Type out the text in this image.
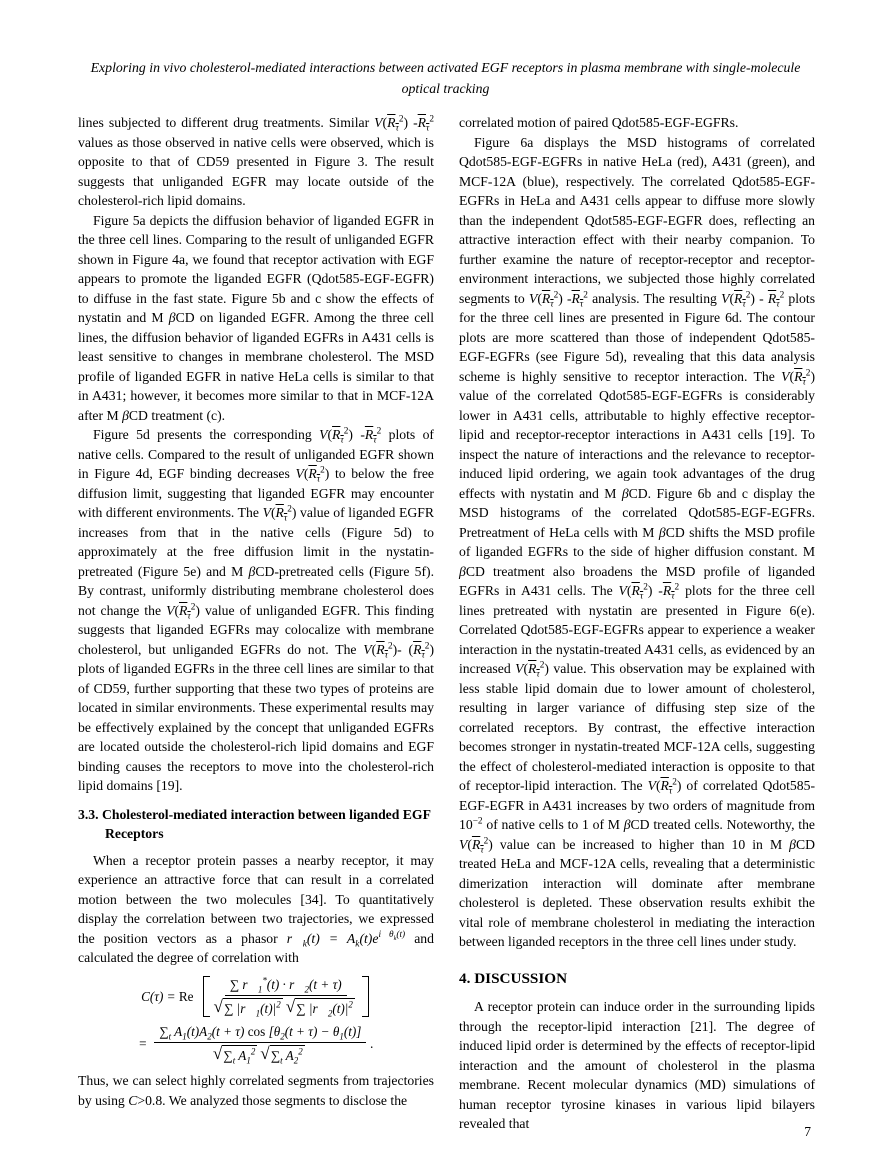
Exploring in vivo cholesterol-mediated interactions between activated EGF receptors in plasma membrane with single-molecule optical tracking

lines subjected to different drug treatments. Similar $V(R_\tau^2)$ $-R_\tau^2$ values as those observed in native cells were observed, which is opposite to that of CD59 presented in Figure 3. The result suggests that unliganded EGFR may locate outside of the cholesterol-rich lipid domains.

Figure 5a depicts the diffusion behavior of liganded EGFR in the three cell lines. Comparing to the result of unliganded EGFR shown in Figure 4a, we found that receptor activation with EGF appears to promote the liganded EGFR (Qdot585-EGF-EGFR) to diffuse in the fast state. Figure 5b and c show the effects of nystatin and M βCD on liganded EGFR. Among the three cell lines, the diffusion behavior of liganded EGFRs in A431 cells is least sensitive to changes in membrane cholesterol. The MSD profile of liganded EGFR in native HeLa cells is similar to that in A431; however, it becomes more similar to that in MCF-12A after M βCD treatment (c).

Figure 5d presents the corresponding $V(R_\tau^2)$ $-R_\tau^2$ plots of native cells. Compared to the result of unliganded EGFR shown in Figure 4d, EGF binding decreases $V(R_\tau^2)$ to below the free diffusion limit, suggesting that liganded EGFR may encounter with different environments. The $V(R_\tau^2)$ value of liganded EGFR increases from that in the native cells (Figure 5d) to approximately at the free diffusion limit in the nystatin-pretreated (Figure 5e) and M βCD-pretreated cells (Figure 5f). By contrast, uniformly distributing membrane cholesterol does not change the $V(R_\tau^2)$ value of unliganded EGFR. This finding suggests that liganded EGFRs may colocalize with membrane cholesterol, but unliganded EGFRs do not. The $V(R_\tau^2)-$ $(R_\tau^2)$ plots of liganded EGFRs in the three cell lines are similar to that of CD59, further supporting that these two types of proteins are located in similar environments. These experimental results may be effectively explained by the concept that unliganded EGFRs are located outside the cholesterol-rich lipid domains and EGF binding causes the receptors to move into the cholesterol-rich lipid domains [19].

3.3. Cholesterol-mediated interaction between liganded EGF Receptors

When a receptor protein passes a nearby receptor, it may experience an attractive force that can result in a correlated motion between the two molecules [34]. To quantitatively display the correlation between two trajectories, we expressed the position vectors as a phasor $r⃗_k(t) = A_k(t)e^{i \theta_k(t)}$ and calculated the degree of correlation with

C(τ) = Re $\frac{\sum r⃗_1^*(t) \cdot r⃗_2(t + \tau)}{√ \sum |r⃗_1(t)|^2 √ \sum |r⃗_2(t)|^2}$
= $\frac{\sum_t A_1(t)A_2(t + \tau) \cos [\theta_2(t + \tau) - \theta_1(t)]}{√ \sum_t A_1^2 √ \sum_t A_2^2}$ .

Thus, we can select highly correlated segments from trajectories by using C>0.8. We analyzed those segments to disclose the

correlated motion of paired Qdot585-EGF-EGFRs.

Figure 6a displays the MSD histograms of correlated Qdot585-EGF-EGFRs in native HeLa (red), A431 (green), and MCF-12A (blue), respectively. The correlated Qdot585-EGF-EGFRs in HeLa and A431 cells appear to diffuse more slowly than the independent Qdot585-EGF-EGFR does, reflecting an attractive interaction effect with their nearby companion. To further examine the nature of receptor-receptor and receptor-environment interactions, we subjected those highly correlated segments to $V(R_\tau^2)$ $-R_\tau^2$ analysis. The resulting $V(R_\tau^2) - R_\tau^2$ plots for the three cell lines are presented in Figure 6d. The contour plots are more scattered than those of independent Qdot585-EGF-EGFRs (see Figure 5d), revealing that this data analysis scheme is highly sensitive to receptor interaction. The $V(R_\tau^2)$ value of the correlated Qdot585-EGF-EGFRs is considerably lower in A431 cells, attributable to highly effective receptor-lipid and receptor-receptor interactions in A431 cells [19]. To inspect the nature of interactions and the relevance to receptor-induced lipid ordering, we again took advantages of the drug effects with nystatin and M βCD. Figure 6b and c display the MSD histograms of the correlated Qdot585-EGF-EGFRs. Pretreatment of HeLa cells with M βCD shifts the MSD profile of liganded EGFRs to the side of higher diffusion constant. M βCD treatment also broadens the MSD profile of liganded EGFRs in A431 cells. The $V(R_\tau^2)$ $-R_\tau^2$ plots for the three cell lines pretreated with nystatin are presented in Figure 6(e). Correlated Qdot585-EGF-EGFRs appear to experience a weaker interaction in the nystatin-treated A431 cells, as evidenced by an increased $V(R_\tau^2)$ value. This observation may be explained with less stable lipid domain due to lower amount of cholesterol, resulting in larger variance of diffusing step size of the correlated receptors. By contrast, the effective interaction becomes stronger in nystatin-treated MCF-12A cells, suggesting the effect of cholesterol-mediated interaction is opposite to that of receptor-lipid interaction. The $V(R_\tau^2)$ of correlated Qdot585-EGF-EGFR in A431 increases by two orders of magnitude from $10^{-2}$ of native cells to 1 of M βCD treated cells. Noteworthy, the $V(R_\tau^2)$ value can be increased to higher than 10 in M βCD treated HeLa and MCF-12A cells, revealing that a deterministic dimerization interaction will dominate after membrane cholesterol is depleted. These observation results exhibit the vital role of membrane cholesterol in mediating the interaction between liganded receptors in the three cell lines under study.

4. DISCUSSION

A receptor protein can induce order in the surrounding lipids through the receptor-lipid interaction [21]. The degree of induced lipid order is determined by the effects of receptor-lipid interaction and the amount of cholesterol in the plasma membrane. Recent molecular dynamics (MD) simulations of human receptor tyrosine kinases in various lipid bilayers revealed that

7
